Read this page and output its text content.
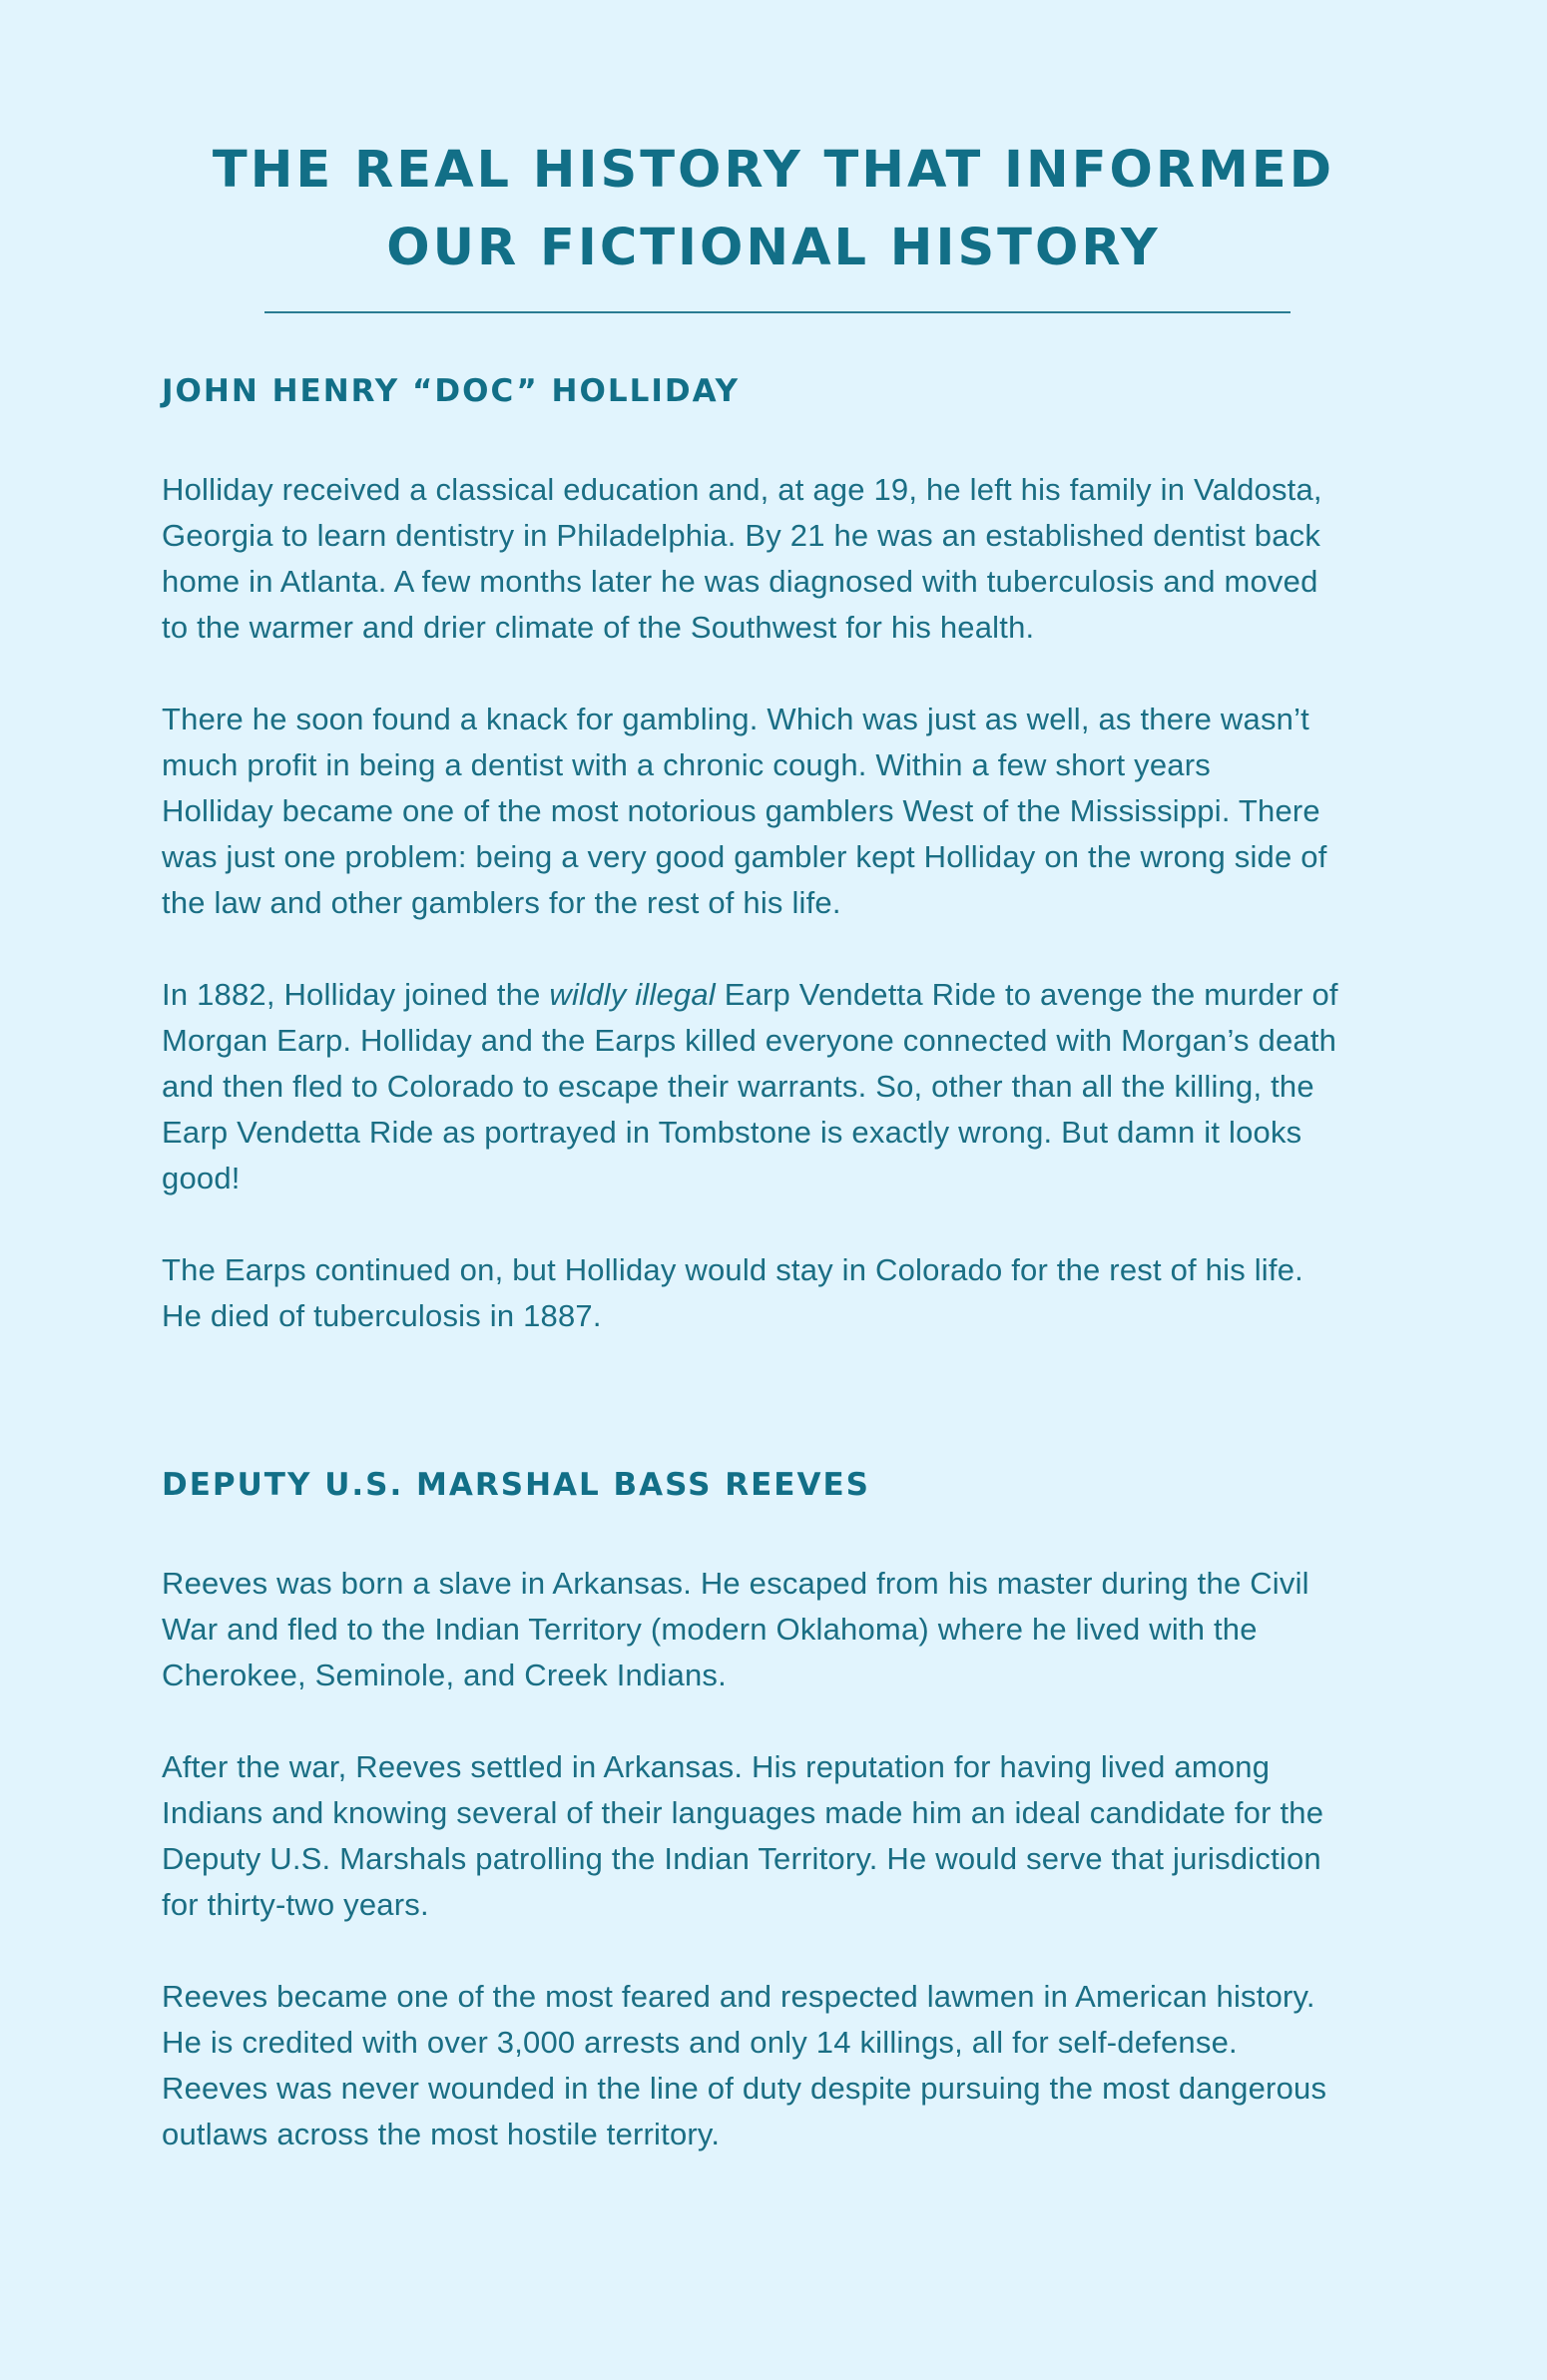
THE REAL HISTORY THAT INFORMED
OUR FICTIONAL HISTORY
JOHN HENRY “DOC” HOLLIDAY

Holliday received a classical education and, at age 19, he left his family in Valdosta,
Georgia to learn dentistry in Philadelphia. By 21 he was an established dentist back
home in Atlanta. A few months later he was diagnosed with tuberculosis and moved
to the warmer and drier climate of the Southwest for his health.

There he soon found a knack for gambling. Which was just as well, as there wasn’t
much profit in being a dentist with a chronic cough. Within a few short years
Holliday became one of the most notorious gamblers West of the Mississippi. There
was just one problem: being a very good gambler kept Holliday on the wrong side of
the law and other gamblers for the rest of his life.

In 1882, Holliday joined the wildly illegal Earp Vendetta Ride to avenge the murder of
Morgan Earp. Holliday and the Earps killed everyone connected with Morgan’s death
and then fled to Colorado to escape their warrants. So, other than all the killing, the
Earp Vendetta Ride as portrayed in Tombstone is exactly wrong. But damn it looks
good!

The Earps continued on, but Holliday would stay in Colorado for the rest of his life.
He died of tuberculosis in 1887.

DEPUTY U.S. MARSHAL BASS REEVES

Reeves was born a slave in Arkansas. He escaped from his master during the Civil
War and fled to the Indian Territory (modern Oklahoma) where he lived with the
Cherokee, Seminole, and Creek Indians.

After the war, Reeves settled in Arkansas. His reputation for having lived among
Indians and knowing several of their languages made him an ideal candidate for the
Deputy U.S. Marshals patrolling the Indian Territory. He would serve that jurisdiction
for thirty-two years.

Reeves became one of the most feared and respected lawmen in American history.
He is credited with over 3,000 arrests and only 14 killings, all for self-defense.
Reeves was never wounded in the line of duty despite pursuing the most dangerous
outlaws across the most hostile territory.
